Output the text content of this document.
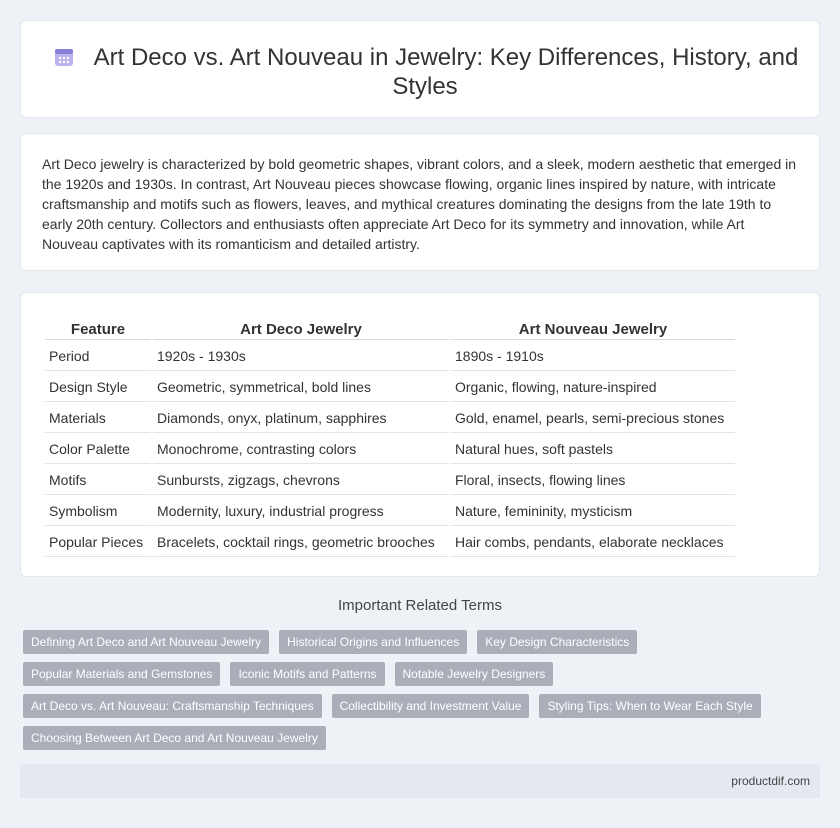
Art Deco vs. Art Nouveau in Jewelry: Key Differences, History, and Styles

Art Deco jewelry is characterized by bold geometric shapes, vibrant colors, and a sleek, modern aesthetic that emerged in the 1920s and 1930s. In contrast, Art Nouveau pieces showcase flowing, organic lines inspired by nature, with intricate craftsmanship and motifs such as flowers, leaves, and mythical creatures dominating the designs from the late 19th to early 20th century. Collectors and enthusiasts often appreciate Art Deco for its symmetry and innovation, while Art Nouveau captivates with its romanticism and detailed artistry.

Feature	Art Deco Jewelry	Art Nouveau Jewelry
Period	1920s - 1930s	1890s - 1910s
Design Style	Geometric, symmetrical, bold lines	Organic, flowing, nature-inspired
Materials	Diamonds, onyx, platinum, sapphires	Gold, enamel, pearls, semi-precious stones
Color Palette	Monochrome, contrasting colors	Natural hues, soft pastels
Motifs	Sunbursts, zigzags, chevrons	Floral, insects, flowing lines
Symbolism	Modernity, luxury, industrial progress	Nature, femininity, mysticism
Popular Pieces	Bracelets, cocktail rings, geometric brooches	Hair combs, pendants, elaborate necklaces
Important Related Terms
Defining Art Deco and Art Nouveau Jewelry	Historical Origins and Influences	Key Design Characteristics
Popular Materials and Gemstones	Iconic Motifs and Patterns	Notable Jewelry Designers
Art Deco vs. Art Nouveau: Craftsmanship Techniques	Collectibility and Investment Value	Styling Tips: When to Wear Each Style
Choosing Between Art Deco and Art Nouveau Jewelry
productdif.com
